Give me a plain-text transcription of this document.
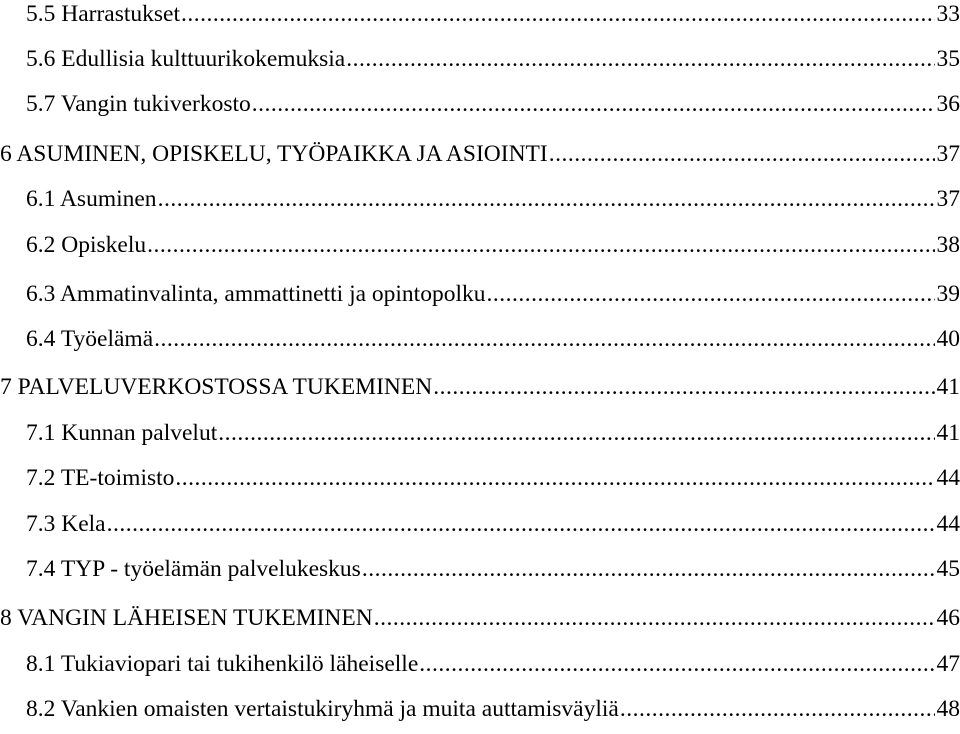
5.5 Harrastukset .....	33
5.6 Edullisia kulttuurikokemuksia .....	35
5.7 Vangin tukiverkosto .....	36
6 ASUMINEN, OPISKELU, TYÖPAIKKA JA ASIOINTI .....	37
6.1 Asuminen .....	37
6.2 Opiskelu .....	38
6.3 Ammatinvalinta, ammattinetti ja opintopolku .....	39
6.4 Työelämä .....	40
7 PALVELUVERKOSTOSSA TUKEMINEN .....	41
7.1 Kunnan palvelut .....	41
7.2 TE-toimisto .....	44
7.3 Kela .....	44
7.4 TYP - työelämän palvelukeskus .....	45
8 VANGIN LÄHEISEN TUKEMINEN .....	46
8.1 Tukiaviopari tai tukihenkilö läheiselle .....	47
8.2 Vankien omaisten vertaistukiryhmä ja muita auttamisväyliä .....	48
